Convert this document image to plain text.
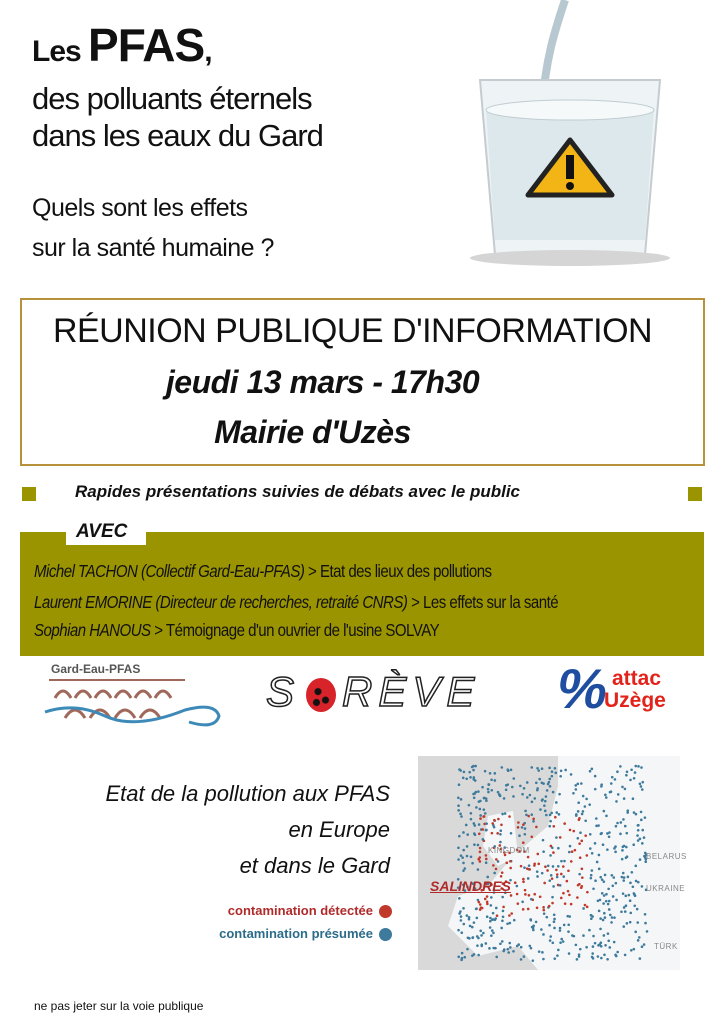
Les PFAS,
des polluants éternels
dans les eaux du Gard
Quels sont les effets
sur la santé humaine ?
RÉUNION PUBLIQUE D'INFORMATION
jeudi 13 mars - 17h30
Mairie d'Uzès
Rapides présentations suivies de débats avec le public
AVEC
Michel TACHON (Collectif Gard-Eau-PFAS) > Etat des lieux des pollutions
Laurent EMORINE (Directeur de recherches, retraité CNRS) > Les effets sur la santé
Sophian HANOUS > Témoignage d'un ouvrier de l'usine SOLVAY
Gard-Eau-PFAS	S RÈVE %
attac
Uzège
Etat de la pollution aux PFAS
en Europe
et dans le Gard
contamination détectée
contamination présumée
KINGDOM
BELARUS
UKRAINE
TÜRK
SALINDRES
ne pas jeter sur la voie publique
